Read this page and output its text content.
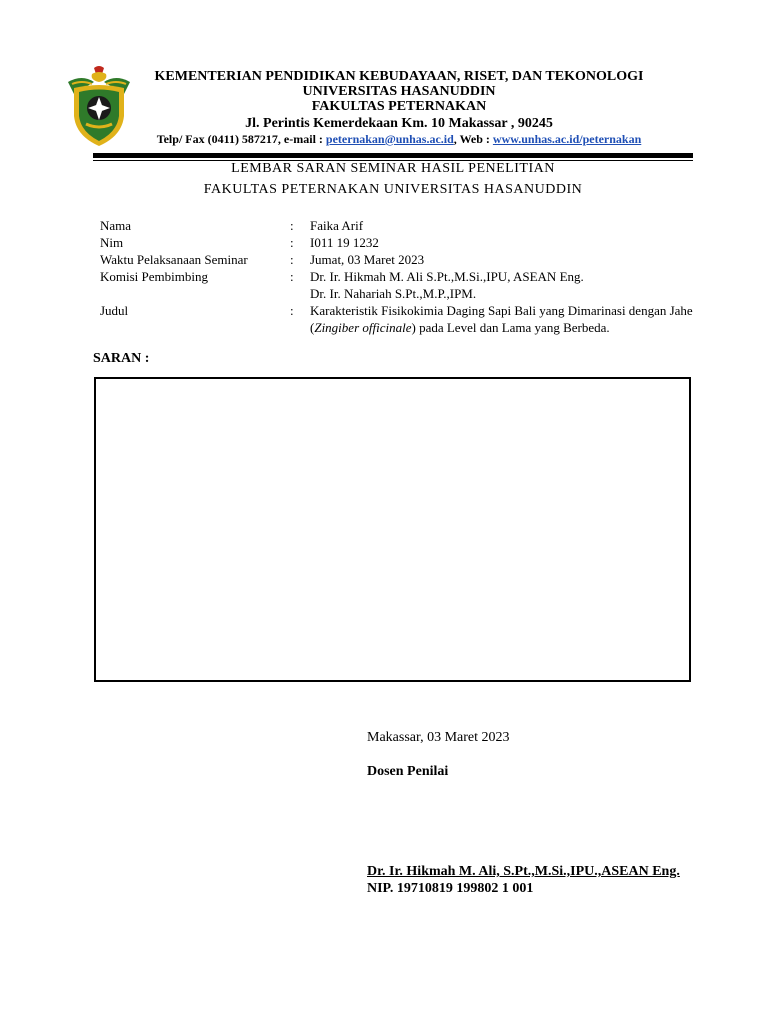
KEMENTERIAN PENDIDIKAN KEBUDAYAAN, RISET, DAN TEKONOLOGI
UNIVERSITAS HASANUDDIN
FAKULTAS PETERNAKAN
Jl. Perintis Kemerdekaan Km. 10 Makassar , 90245
Telp/ Fax (0411) 587217, e-mail : peternakan@unhas.ac.id, Web : www.unhas.ac.id/peternakan
LEMBAR SARAN SEMINAR HASIL PENELITIAN
FAKULTAS PETERNAKAN UNIVERSITAS HASANUDDIN
Nama	: Faika Arif
Nim	: I011 19 1232
Waktu Pelaksanaan Seminar	: Jumat, 03 Maret 2023
Komisi Pembimbing	: Dr. Ir. Hikmah M. Ali S.Pt.,M.Si.,IPU, ASEAN Eng.
Dr. Ir. Nahariah S.Pt.,M.P.,IPM.
Judul	: Karakteristik Fisikokimia Daging Sapi Bali yang Dimarinasi dengan Jahe (Zingiber officinale) pada Level dan Lama yang Berbeda.
SARAN :
Makassar, 03 Maret 2023
Dosen Penilai
Dr. Ir. Hikmah M. Ali, S.Pt.,M.Si.,IPU.,ASEAN Eng.
NIP. 19710819 199802 1 001
